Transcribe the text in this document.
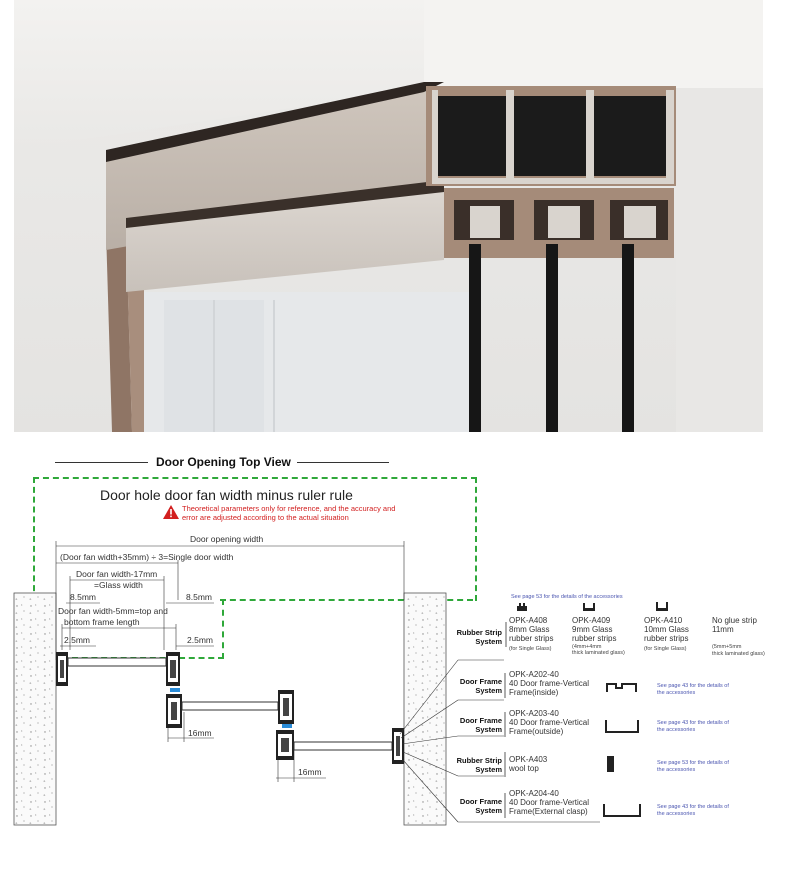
Door Opening Top View
Door hole door fan width minus ruler rule
Theoretical parameters only for reference, and the accuracy and error are adjusted according to the actual situation
Door opening width
(Door fan width+35mm) ÷ 3=Single door width
Door fan width-17mm
=Glass width
8.5mm	8.5mm
Door fan width-5mm=top and
bottom frame length
2.5mm	2.5mm
16mm
16mm
See page 53 for the details of the accessories
Rubber Strip
System
OPK-A408
8mm Glass
rubber strips
(for Single Glass)
OPK-A409
9mm Glass
rubber strips
(4mm+4mm
thick laminated glass)
OPK-A410
10mm Glass
rubber strips
(for Single Glass)
No glue strip
11mm
(5mm+5mm
thick laminated glass)
Door Frame
System
OPK-A202-40
40 Door frame-Vertical
Frame(inside)
See page 43 for the details of
the accessories
Door Frame
System
OPK-A203-40
40 Door frame-Vertical
Frame(outside)
See page 43 for the details of
the accessories
Rubber Strip
System
OPK-A403
wool top
See page 53 for the details of
the accessories
Door Frame
System
OPK-A204-40
40 Door frame-Vertical
Frame(External clasp)
See page 43 for the details of
the accessories
